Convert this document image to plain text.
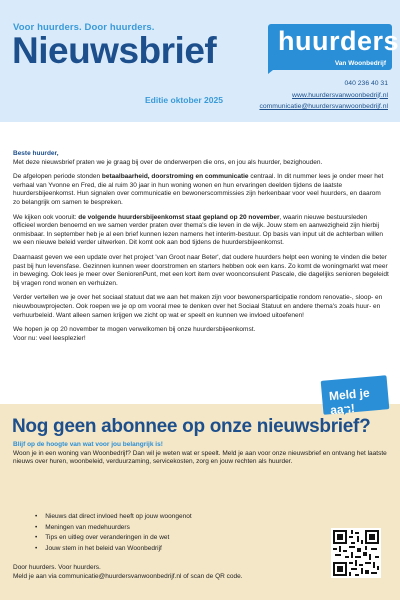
Voor huurders. Door huurders.
Nieuwsbrief
Editie oktober 2025
huurders
Van Woonbedrijf
040 236 40 31
www.huurdersvanwoonbedrijf.nl
communicatie@huurdersvanwoonbedrijf.nl
Beste huurder,

Met deze nieuwsbrief praten we je graag bij over de onderwerpen die ons, en jou als huurder, bezighouden.

De afgelopen periode stonden betaalbaarheid, doorstroming en communicatie centraal. In dit nummer lees je onder meer het verhaal van Yvonne en Fred, die al ruim 30 jaar in hun woning wonen en hun ervaringen deelden tijdens de laatste huurdersbijeenkomst. Hun signalen over communicatie en bewonerscommissies zijn herkenbaar voor veel huurders, en daarom zo belangrijk om samen te bespreken.

We kijken ook vooruit: de volgende huurdersbijeenkomst staat gepland op 20 november, waarin nieuwe bestuursleden officieel worden benoemd en we samen verder praten over thema's die leven in de wijk. Jouw stem en aanwezigheid zijn hierbij onmisbaar. In september heb je al een brief kunnen lezen namens het interim-bestuur. Op basis van input uit de achterban willen we een nieuwe beleid verder uitwerken. Dit komt ook aan bod tijdens de huurdersbijeenkomst.

Daarnaast geven we een update over het project 'van Groot naar Beter', dat oudere huurders helpt een woning te vinden die beter past bij hun levensfase. Gezinnen kunnen weer doorstromen en starters hebben ook een kans. Zo komt de woningmarkt wat meer in beweging. Ook lees je meer over SeniorenPunt, met een kort item over woonconsulent Pascale, die dagelijks senioren begeleidt bij vragen rond wonen en verhuizen.

Verder vertellen we je over het sociaal statuut dat we aan het maken zijn voor bewonersparticipatie rondom renovatie-, sloop- en nieuwbouwprojecten. Ook roepen we je op om vooral mee te denken over het Sociaal Statuut en andere thema's zoals huur- en verhuurbeleid. Want alleen samen krijgen we zicht op wat er speelt en kunnen we invloed uitoefenen!

We hopen je op 20 november te mogen verwelkomen bij onze huurdersbijeenkomst.
Voor nu: veel leesplezier!
Meld je aan!
Nog geen abonnee op onze nieuwsbrief?
Blijf op de hoogte van wat voor jou belangrijk is!

Woon je in een woning van Woonbedrijf? Dan wil je weten wat er speelt. Meld je aan voor onze nieuwsbrief en ontvang het laatste nieuws over huren, woonbeleid, verduurzaming, servicekosten, zorg en jouw rechten als huurder.

• Nieuws dat direct invloed heeft op jouw woongenot
• Meningen van medehuurders
• Tips en uitleg over veranderingen in de wet
• Jouw stem in het beleid van Woonbedrijf
Door huurders. Voor huurders.
Meld je aan via communicatie@huurdersvanwoonbedrijf.nl of scan de QR code.
